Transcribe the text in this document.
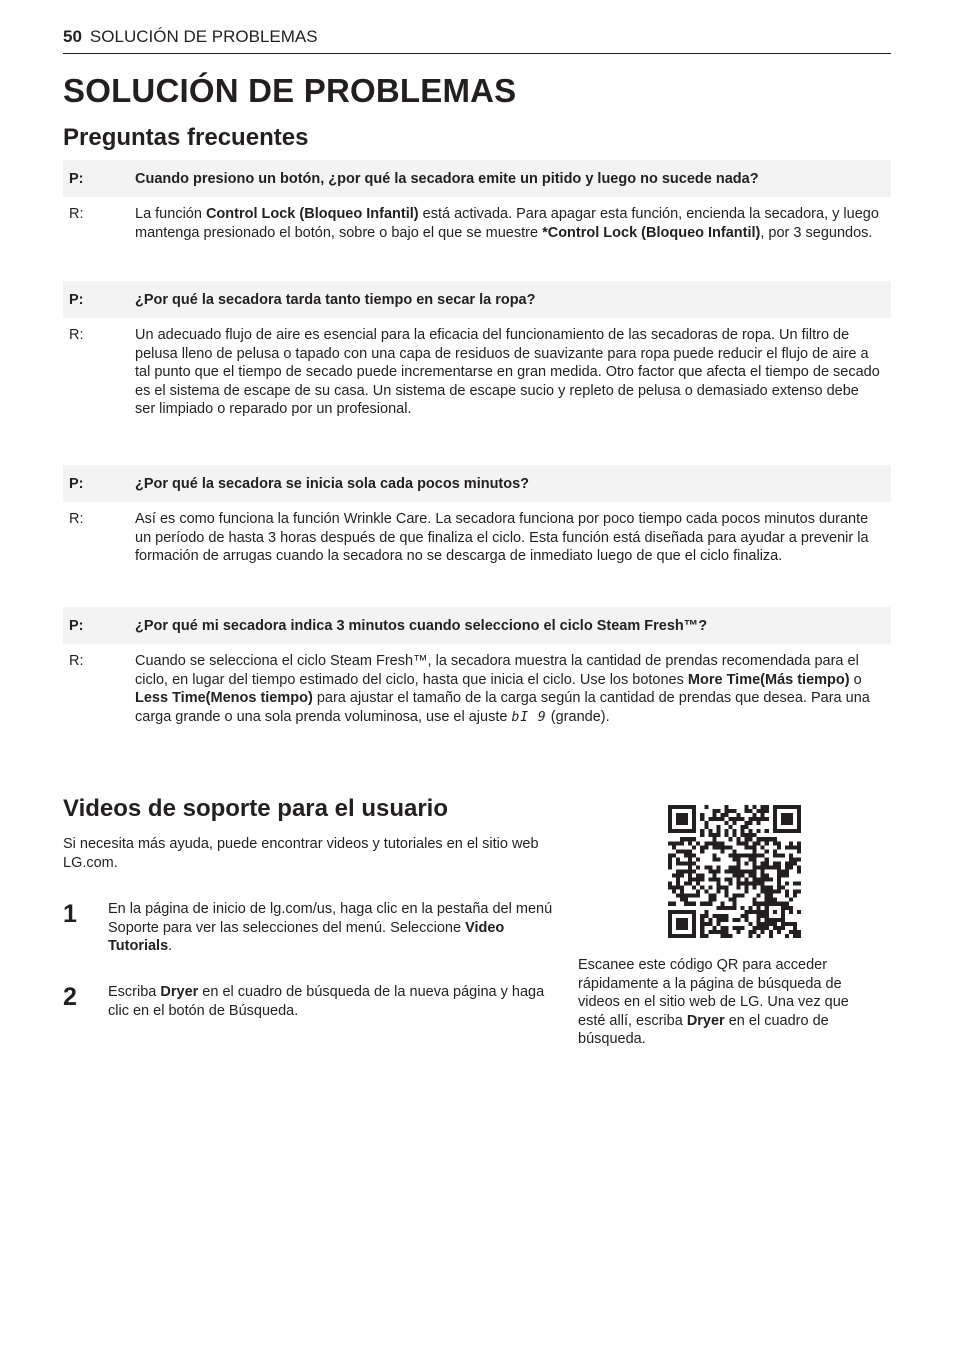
50 SOLUCIÓN DE PROBLEMAS
SOLUCIÓN DE PROBLEMAS
Preguntas frecuentes
P:	Cuando presiono un botón, ¿por qué la secadora emite un pitido y luego no sucede nada?
R:	La función Control Lock (Bloqueo Infantil) está activada. Para apagar esta función, encienda la secadora, y luego mantenga presionado el botón, sobre o bajo el que se muestre *Control Lock (Bloqueo Infantil), por 3 segundos.
P:	¿Por qué la secadora tarda tanto tiempo en secar la ropa?
R:	Un adecuado flujo de aire es esencial para la eficacia del funcionamiento de las secadoras de ropa. Un filtro de pelusa lleno de pelusa o tapado con una capa de residuos de suavizante para ropa puede reducir el flujo de aire a tal punto que el tiempo de secado puede incrementarse en gran medida. Otro factor que afecta el tiempo de secado es el sistema de escape de su casa. Un sistema de escape sucio y repleto de pelusa o demasiado extenso debe ser limpiado o reparado por un profesional.
P:	¿Por qué la secadora se inicia sola cada pocos minutos?
R:	Así es como funciona la función Wrinkle Care. La secadora funciona por poco tiempo cada pocos minutos durante un período de hasta 3 horas después de que finaliza el ciclo. Esta función está diseñada para ayudar a prevenir la formación de arrugas cuando la secadora no se descarga de inmediato luego de que el ciclo finaliza.
P:	¿Por qué mi secadora indica 3 minutos cuando selecciono el ciclo Steam Fresh™?
R:	Cuando se selecciona el ciclo Steam Fresh™, la secadora muestra la cantidad de prendas recomendada para el ciclo, en lugar del tiempo estimado del ciclo, hasta que inicia el ciclo. Use los botones More Time(Más tiempo) o Less Time(Menos tiempo) para ajustar el tamaño de la carga según la cantidad de prendas que desea. Para una carga grande o una sola prenda voluminosa, use el ajuste bI 9 (grande).
Videos de soporte para el usuario
Si necesita más ayuda, puede encontrar videos y tutoriales en el sitio web LG.com.
1	En la página de inicio de lg.com/us, haga clic en la pestaña del menú Soporte para ver las selecciones del menú. Seleccione Video Tutorials.
2	Escriba Dryer en el cuadro de búsqueda de la nueva página y haga clic en el botón de Búsqueda.
Escanee este código QR para acceder rápidamente a la página de búsqueda de videos en el sitio web de LG. Una vez que esté allí, escriba Dryer en el cuadro de búsqueda.
